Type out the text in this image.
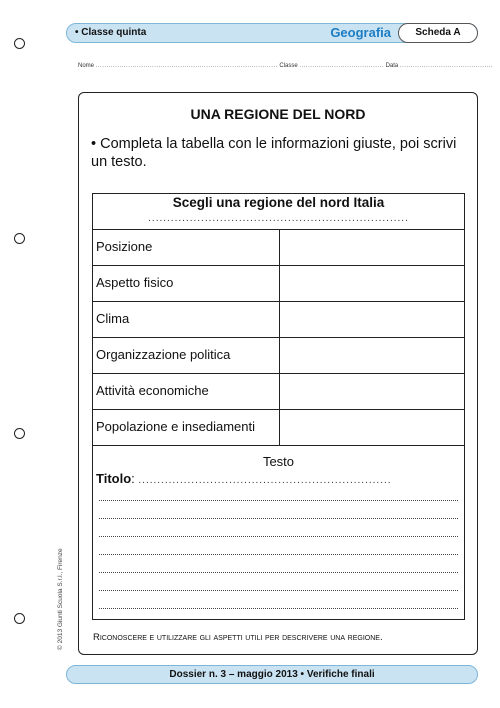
• Classe quinta	Geografia	Scheda A
Nome .................................................................................... Classe ....................................... Data ...........................................
UNA REGIONE DEL NORD
• Completa la tabella con le informazioni giuste, poi scrivi un testo.
Scegli una regione del nord Italia
.....................................................................
Posizione
Aspetto fisico
Clima
Organizzazione politica
Attività economiche
Popolazione e insediamenti
Testo
Titolo: ...................................................................
Riconoscere e utilizzare gli aspetti utili per descrivere una regione.
© 2013 Giunti Scuola S.r.l., Firenze
Dossier n. 3 – maggio 2013 • Verifiche finali
